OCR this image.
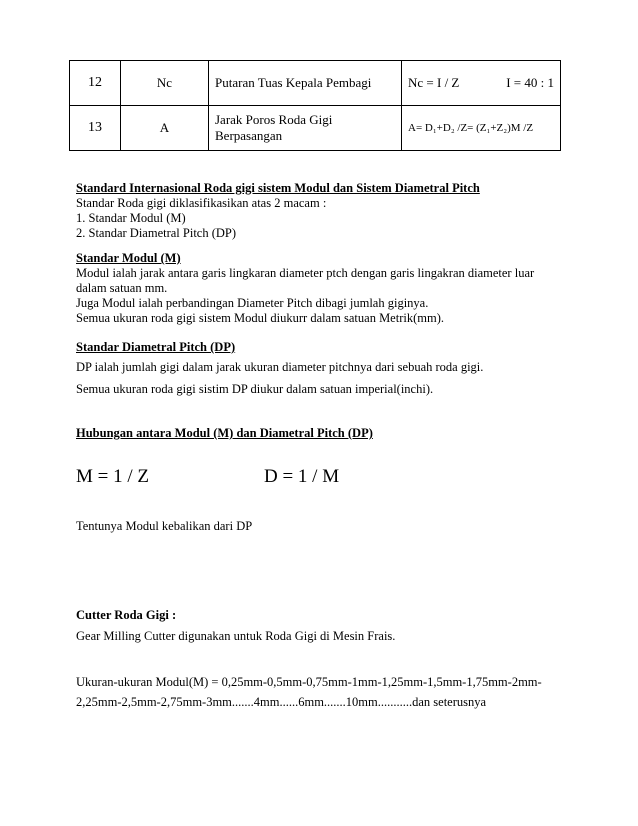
12	Nc	Putaran Tuas Kepala Pembagi	Nc = I / Z I = 40 : 1

13	A	Jarak Poros Roda Gigi Berpasangan	A= D₁+D₂ /Z= (Z₁+Z₂)M /Z
Standard Internasional Roda gigi sistem Modul dan Sistem Diametral Pitch
Standar Roda gigi diklasifikasikan atas 2 macam :
1. Standar Modul (M)
2. Standar Diametral Pitch (DP)
Standar Modul (M)
Modul ialah jarak antara garis lingkaran diameter ptch dengan garis lingakran diameter luar
dalam satuan mm.
Juga Modul ialah perbandingan Diameter Pitch dibagi jumlah giginya.
Semua ukuran roda gigi sistem Modul diukurr dalam satuan Metrik(mm).
Standar Diametral Pitch (DP)
DP ialah jumlah gigi dalam jarak ukuran diameter pitchnya dari sebuah roda gigi.
Semua ukuran roda gigi sistim DP diukur dalam satuan imperial(inchi).
Hubungan antara Modul (M) dan Diametral Pitch (DP)
M = 1 / Z	D = 1 / M
Tentunya Modul kebalikan dari DP
Cutter Roda Gigi :
Gear Milling Cutter digunakan untuk Roda Gigi di Mesin Frais.
Ukuran-ukuran Modul(M) = 0,25mm-0,5mm-0,75mm-1mm-1,25mm-1,5mm-1,75mm-2mm-
2,25mm-2,5mm-2,75mm-3mm.......4mm......6mm.......10mm...........dan seterusnya
